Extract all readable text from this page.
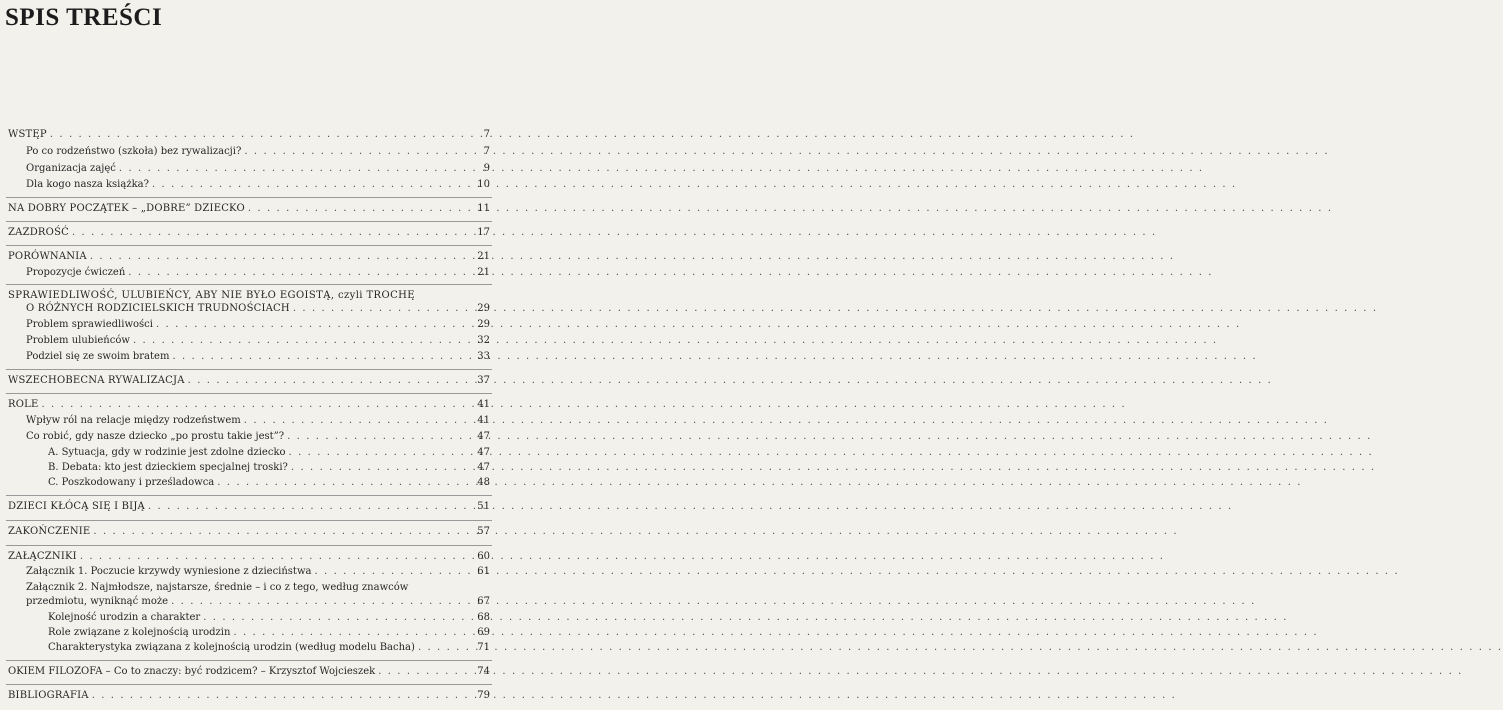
SPIS TREŚCI
WSTĘP . . .	7
Po co rodzeństwo (szkoła) bez rywalizacji? . . .	7
Organizacja zajęć . . .	9
Dla kogo nasza książka? . . .	10
NA DOBRY POCZĄTEK – „DOBRE” DZIECKO . . .	11
ZAZDROŚĆ . . .	17
PORÓWNANIA . . .	21
Propozycje ćwiczeń . . .	21
SPRAWIEDLIWOŚĆ, ULUBIEŃCY, ABY NIE BYŁO EGOISTĄ, czyli TROCHĘ
O RÓŻNYCH RODZICIELSKICH TRUDNOŚCIACH . . .	29
Problem sprawiedliwości . . .	29
Problem ulubieńców . . .	32
Podziel się ze swoim bratem . . .	33
WSZECHOBECNA RYWALIZACJA . . .	37
ROLE . . .	41
Wpływ ról na relacje między rodzeństwem . . .	41
Co robić, gdy nasze dziecko „po prostu takie jest”? . . .	47
A. Sytuacja, gdy w rodzinie jest zdolne dziecko . . .	47
B. Debata: kto jest dzieckiem specjalnej troski? . . .	47
C. Poszkodowany i prześladowca . . .	48
DZIECI KŁÓCĄ SIĘ I BIJĄ . . .	51
ZAKOŃCZENIE . . .	57
ZAŁĄCZNIKI . . .	60
Załącznik 1. Poczucie krzywdy wyniesione z dzieciństwa . . .	61
Załącznik 2. Najmłodsze, najstarsze, średnie – i co z tego, według znawców
przedmiotu, wyniknąć może . . .	67
Kolejność urodzin a charakter . . .	68
Role związane z kolejnością urodzin . . .	69
Charakterystyka związana z kolejnością urodzin (według modelu Bacha) . . .	71
OKIEM FILOZOFA – Co to znaczy: być rodzicem? – Krzysztof Wojcieszek . . .	74
BIBLIOGRAFIA . . .	79
